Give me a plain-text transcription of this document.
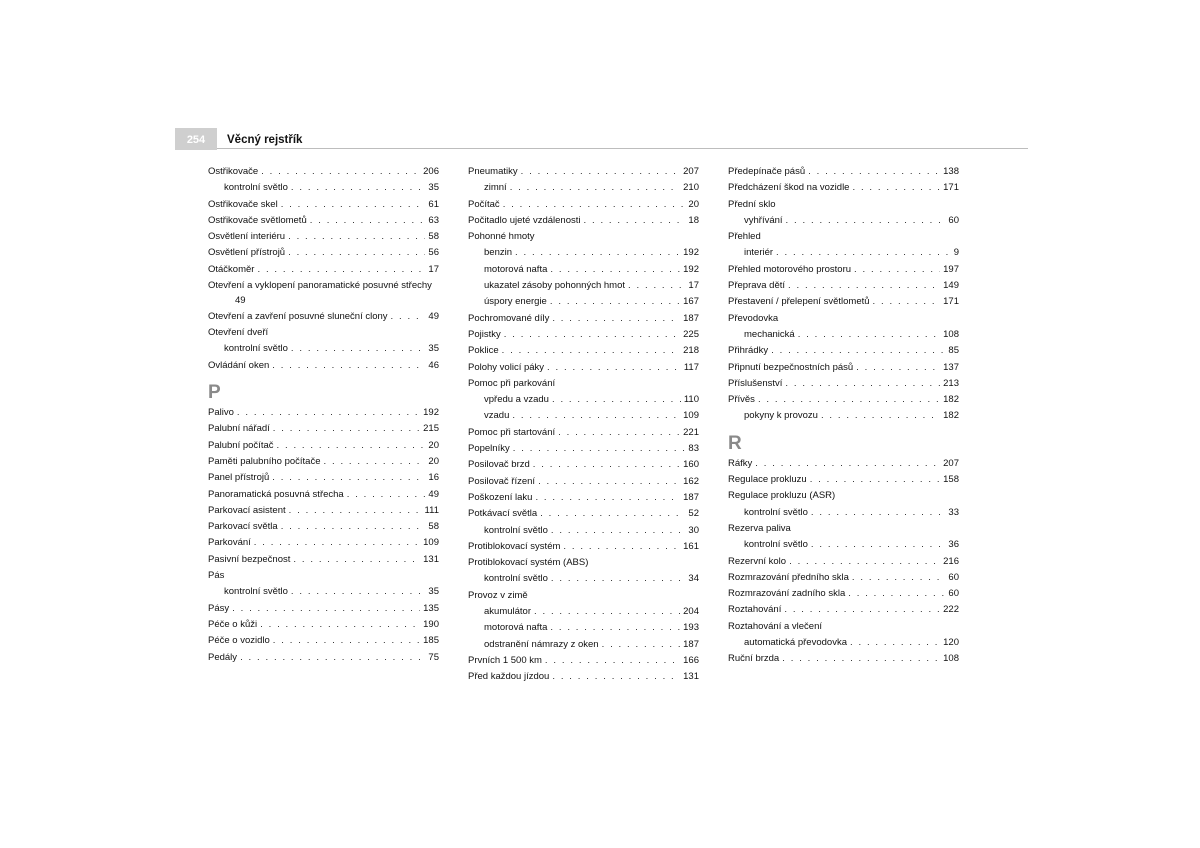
254	Věcný rejstřík
Ostřikovače . . .	206
kontrolní světlo . . .	35
Ostřikovače skel . . .	61
Ostřikovače světlometů . . .	63
Osvětlení interiéru . . .	58
Osvětlení přístrojů . . .	56
Otáčkoměr . . .	17
Otevření a vyklopení panoramatické posuvné střechy
49
Otevření a zavření posuvné sluneční clony . . .	49
Otevření dveří
kontrolní světlo . . .	35
Ovládání oken . . .	46
P
Palivo . . .	192
Palubní nářadí . . .	215
Palubní počítač . . .	20
Paměti palubního počítače . . .	20
Panel přístrojů . . .	16
Panoramatická posuvná střecha . . .	49
Parkovací asistent . . .	111
Parkovací světla . . .	58
Parkování . . .	109
Pasivní bezpečnost . . .	131
Pás
kontrolní světlo . . .	35
Pásy . . .	135
Péče o kůži . . .	190
Péče o vozidlo . . .	185
Pedály . . .	75
Pneumatiky . . .	207
zimní . . .	210
Počítač . . .	20
Počitadlo ujeté vzdálenosti . . .	18
Pohonné hmoty
benzin . . .	192
motorová nafta . . .	192
ukazatel zásoby pohonných hmot . . .	17
úspory energie . . .	167
Pochromované díly . . .	187
Pojistky . . .	225
Poklice . . .	218
Polohy volicí páky . . .	117
Pomoc při parkování
vpředu a vzadu . . .	110
vzadu . . .	109
Pomoc při startování . . .	221
Popelníky . . .	83
Posilovač brzd . . .	160
Posilovač řízení . . .	162
Poškození laku . . .	187
Potkávací světla . . .	52
kontrolní světlo . . .	30
Protiblokovací systém . . .	161
Protiblokovací systém (ABS)
kontrolní světlo . . .	34
Provoz v zimě
akumulátor . . .	204
motorová nafta . . .	193
odstranění námrazy z oken . . .	187
Prvních 1 500 km . . .	166
Před každou jízdou . . .	131
Předepínače pásů . . .	138
Předcházení škod na vozidle . . .	171
Přední sklo
vyhřívání . . .	60
Přehled
interiér . . .	9
Přehled motorového prostoru . . .	197
Přeprava dětí . . .	149
Přestavení / přelepení světlometů . . .	171
Převodovka
mechanická . . .	108
Přihrádky . . .	85
Připnutí bezpečnostních pásů . . .	137
Příslušenství . . .	213
Přívěs . . .	182
pokyny k provozu . . .	182
R
Ráfky . . .	207
Regulace prokluzu . . .	158
Regulace prokluzu (ASR)
kontrolní světlo . . .	33
Rezerva paliva
kontrolní světlo . . .	36
Rezervní kolo . . .	216
Rozmrazování předního skla . . .	60
Rozmrazování zadního skla . . .	60
Roztahování . . .	222
Roztahování a vlečení
automatická převodovka . . .	120
Ruční brzda . . .	108
